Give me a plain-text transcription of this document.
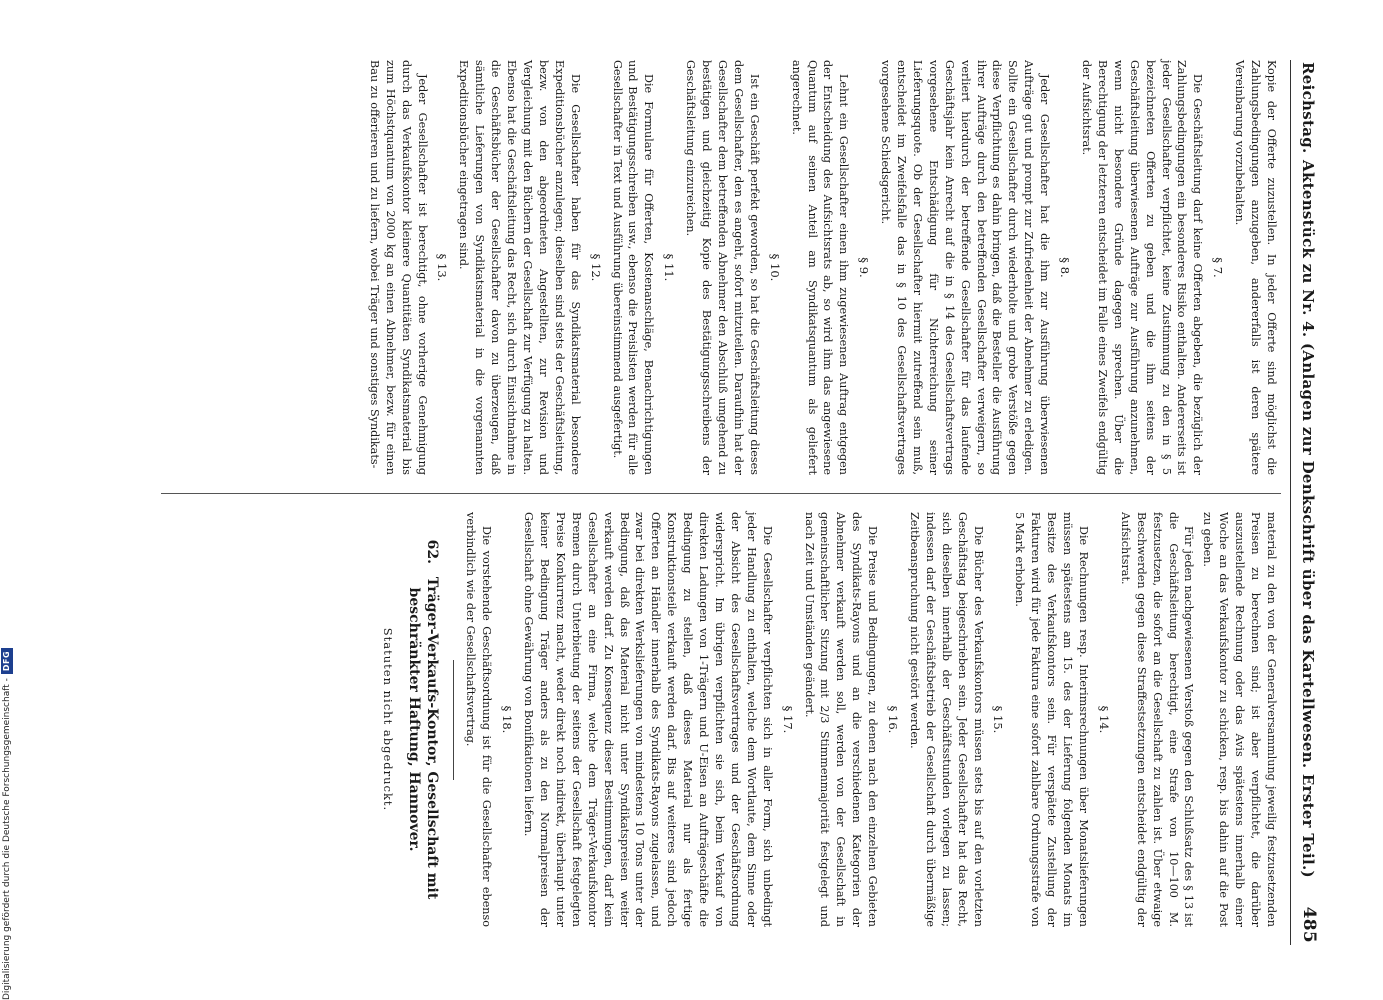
Reichstag.
Aktenstück zu Nr. 4. (Anlagen zur Denkschrift über das Kartellwesen. Erster Teil.)
485

Kopie der Offerte zuzustellen. In jeder Offerte sind möglichst die Zahlungsbedingungen anzugeben, andererfalls ist deren spätere Vereinbarung vorzubehalten.

§ 7.

Die Geschäftsleitung darf keine Offerten abgeben, die bezüglich der Zahlungsbedingungen ein besonderes Risiko enthalten. Andererseits ist jeder Gesellschafter verpflichtet, keine Zustimmung zu den in § 5 bezeichneten Offerten zu geben und die ihm seitens der Geschäftsleitung überwiesenen Aufträge zur Ausführung anzunehmen, wenn nicht besondere Gründe dagegen sprechen. Über die Berechtigung der letzteren entscheidet im Falle eines Zweifels endgültig der Aufsichtsrat.

§ 8.

Jeder Gesellschafter hat die ihm zur Ausführung überwiesenen Aufträge gut und prompt zur Zufriedenheit der Abnehmer zu erledigen. Sollte ein Gesellschafter durch wiederholte und grobe Verstöße gegen diese Verpflichtung es dahin bringen, daß die Besteller die Ausführung ihrer Aufträge durch den betreffenden Gesellschafter verweigern, so verliert hierdurch der betreffende Gesellschafter für das laufende Geschäftsjahr kein Anrecht auf die in § 14 des Gesellschaftsvertrags vorgesehene Entschädigung für Nichterreichung seiner Lieferungsquote. Ob der Gesellschafter hiermit zutreffend sein muß, entscheidet im Zweifelsfalle das in § 10 des Gesellschaftsvertrages vorgesehene Schiedsgericht.

§ 9.

Lehnt ein Gesellschafter einen ihm zugewiesenen Auftrag entgegen der Entscheidung des Aufsichtsrats ab, so wird ihm das angewiesene Quantum auf seinen Anteil am Syndikatsquantum als geliefert angerechnet.

§ 10.

Ist ein Geschäft perfekt geworden, so hat die Geschäftsleitung dieses dem Gesellschafter, den es angeht, sofort mitzuteilen. Daraufhin hat der Gesellschafter dem betreffenden Abnehmer den Abschluß umgehend zu bestätigen und gleichzeitig Kopie des Bestätigungsschreibens der Geschäftsleitung einzureichen.

§ 11.

Die Formulare für Offerten, Kostenanschläge, Benachrichtigungen und Bestätigungsschreiben usw., ebenso die Preislisten werden für alle Gesellschafter in Text und Ausführung übereinstimmend ausgefertigt.

§ 12.

Die Gesellschafter haben für das Syndikatsmaterial besondere Expeditionsbücher anzulegen; dieselben sind stets der Geschäftsleitung, bezw. von den abgeordneten Angestellten, zur Revision und Vergleichung mit den Büchern der Gesellschaft zur Verfügung zu halten. Ebenso hat die Geschäftsleitung das Recht, sich durch Einsichtnahme in die Geschäftsbücher der Gesellschafter davon zu überzeugen, daß sämtliche Lieferungen von Syndikatsmaterial in die vorgenannten Expeditionsbücher eingetragen sind.

§ 13.

Jeder Gesellschafter ist berechtigt, ohne vorherige Genehmigung durch das Verkaufskontor kleinere Quantitäten Syndikatsmaterial bis zum Höchstquantum von 2000 kg an einen Abnehmer, bezw. für einen Bau zu offerieren und zu liefern, wobei Träger und sonstiges Syndikats-

material zu den von der Generalversammlung jeweilig festzusetzenden Preisen zu berechnen sind; ist aber verpflichtet, die darüber auszustellende Rechnung oder das Avis spätestens innerhalb einer Woche an das Verkaufskontor zu schicken, resp. bis dahin auf die Post zu geben.

Für jeden nachgewiesenen Verstoß gegen den Schlußsatz des § 13 ist die Geschäftsleitung berechtigt, eine Strafe von 10—100 M. festzusetzen, die sofort an die Gesellschaft zu zahlen ist. Über etwaige Beschwerden gegen diese Straffestsetzungen entscheidet endgültig der Aufsichtsrat.

§ 14.

Die Rechnungen resp. Interimsrechnungen über Monatslieferungen müssen spätestens am 15. des der Lieferung folgenden Monats im Besitze des Verkaufskontors sein. Für verspätete Zustellung der Fakturen wird für jede Faktura eine sofort zahlbare Ordnungsstrafe von 5 Mark erhoben.

§ 15.

Die Bücher des Verkaufskontors müssen stets bis auf den vorletzten Geschäftstag beigeschrieben sein. Jeder Gesellschafter hat das Recht, sich dieselben innerhalb der Geschäftsstunden vorlegen zu lassen; indessen darf der Geschäftsbetrieb der Gesellschaft durch übermäßige Zeitbeanspruchung nicht gestört werden.

§ 16.

Die Preise und Bedingungen, zu denen nach den einzelnen Gebieten des Syndikats-Rayons und an die verschiedenen Kategorien der Abnehmer verkauft werden soll, werden von der Gesellschaft in gemeinschaftlicher Sitzung mit 2/3 Stimmenmajorität festgelegt und nach Zeit und Umständen geändert.

§ 17.

Die Gesellschafter verpflichten sich in aller Form, sich unbedingt jeder Handlung zu enthalten, welche dem Wortlaute, dem Sinne oder der Absicht des Gesellschaftsvertrages und der Geschäftsordnung widerspricht. Im übrigen verpflichten sie sich, beim Verkauf von direkten Ladungen von 1-Trägern und U-Eisen an Aufträgeschäfte die Bedingung zu stellen, daß dieses Material nur als fertige Konstruktionsteile verkauft werden darf. Bis auf weiteres sind jedoch Offerten an Händler innerhalb des Syndikats-Rayons zugelassen, und zwar bei direkten Werkslieferungen von mindestens 10 Tons unter der Bedingung, daß das Material nicht unter Syndikatspreisen weiter verkauft werden darf. Zu Konsequenz dieser Bestimmungen, darf kein Gesellschafter an eine Firma, welche dem Träger-Verkaufskontor Bremen durch Unterbietung der seitens der Gesellschaft festgelegten Preise Konkurrenz macht, weder direkt noch indirekt, überhaupt unter keiner Bedingung Träger anders als zu den Normalpreisen der Gesellschaft ohne Gewährung von Bonifikationen liefern.

§ 18.

Die vorstehende Geschäftsordnung ist für die Gesellschafter ebenso verbindlich wie der Gesellschaftsvertrag.

62. Träger-Verkaufs-Kontor, Gesellschaft mit beschränkter Haftung, Hannover.
Statuten nicht abgedruckt.
Digitalisierung gefördert durch die Deutsche Forschungsgemeinschaft -
DFG
